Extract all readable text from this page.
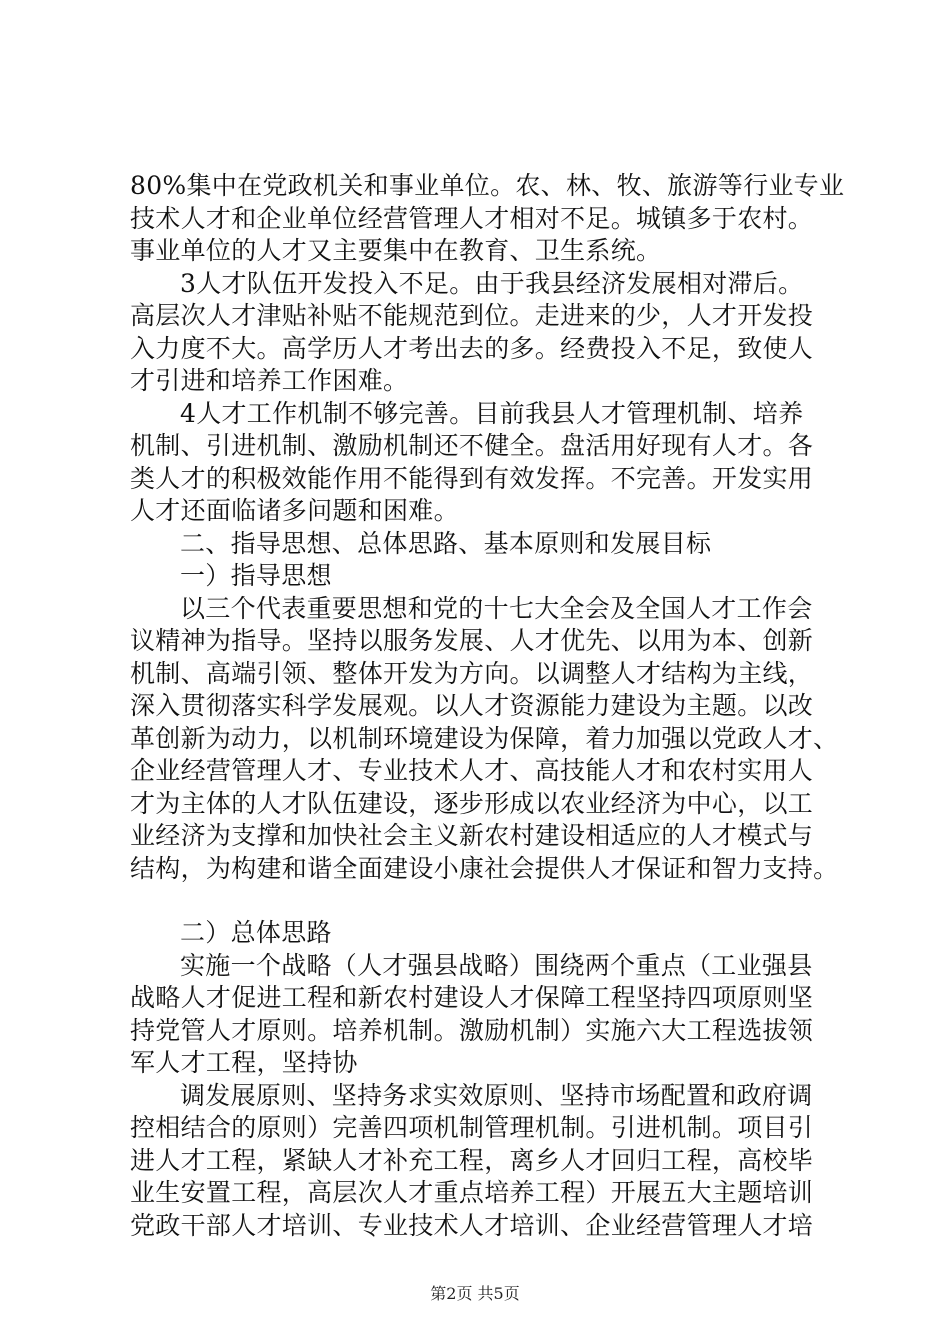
80%集中在党政机关和事业单位。农、林、牧、旅游等行业专业
技术人才和企业单位经营管理人才相对不足。城镇多于农村。
事业单位的人才又主要集中在教育、卫生系统。
3人才队伍开发投入不足。由于我县经济发展相对滞后。
高层次人才津贴补贴不能规范到位。走进来的少，人才开发投
入力度不大。高学历人才考出去的多。经费投入不足，致使人
才引进和培养工作困难。
4人才工作机制不够完善。目前我县人才管理机制、培养
机制、引进机制、激励机制还不健全。盘活用好现有人才。各
类人才的积极效能作用不能得到有效发挥。不完善。开发实用
人才还面临诸多问题和困难。
二、指导思想、总体思路、基本原则和发展目标
一）指导思想
以三个代表重要思想和党的十七大全会及全国人才工作会
议精神为指导。坚持以服务发展、人才优先、以用为本、创新
机制、高端引领、整体开发为方向。以调整人才结构为主线，
深入贯彻落实科学发展观。以人才资源能力建设为主题。以改
革创新为动力，以机制环境建设为保障，着力加强以党政人才、
企业经营管理人才、专业技术人才、高技能人才和农村实用人
才为主体的人才队伍建设，逐步形成以农业经济为中心，以工
业经济为支撑和加快社会主义新农村建设相适应的人才模式与
结构，为构建和谐全面建设小康社会提供人才保证和智力支持。
二）总体思路
实施一个战略（人才强县战略）围绕两个重点（工业强县
战略人才促进工程和新农村建设人才保障工程坚持四项原则坚
持党管人才原则。培养机制。激励机制）实施六大工程选拔领
军人才工程，坚持协
调发展原则、坚持务求实效原则、坚持市场配置和政府调
控相结合的原则）完善四项机制管理机制。引进机制。项目引
进人才工程，紧缺人才补充工程，离乡人才回归工程，高校毕
业生安置工程，高层次人才重点培养工程）开展五大主题培训
党政干部人才培训、专业技术人才培训、企业经营管理人才培
第2页 共5页
